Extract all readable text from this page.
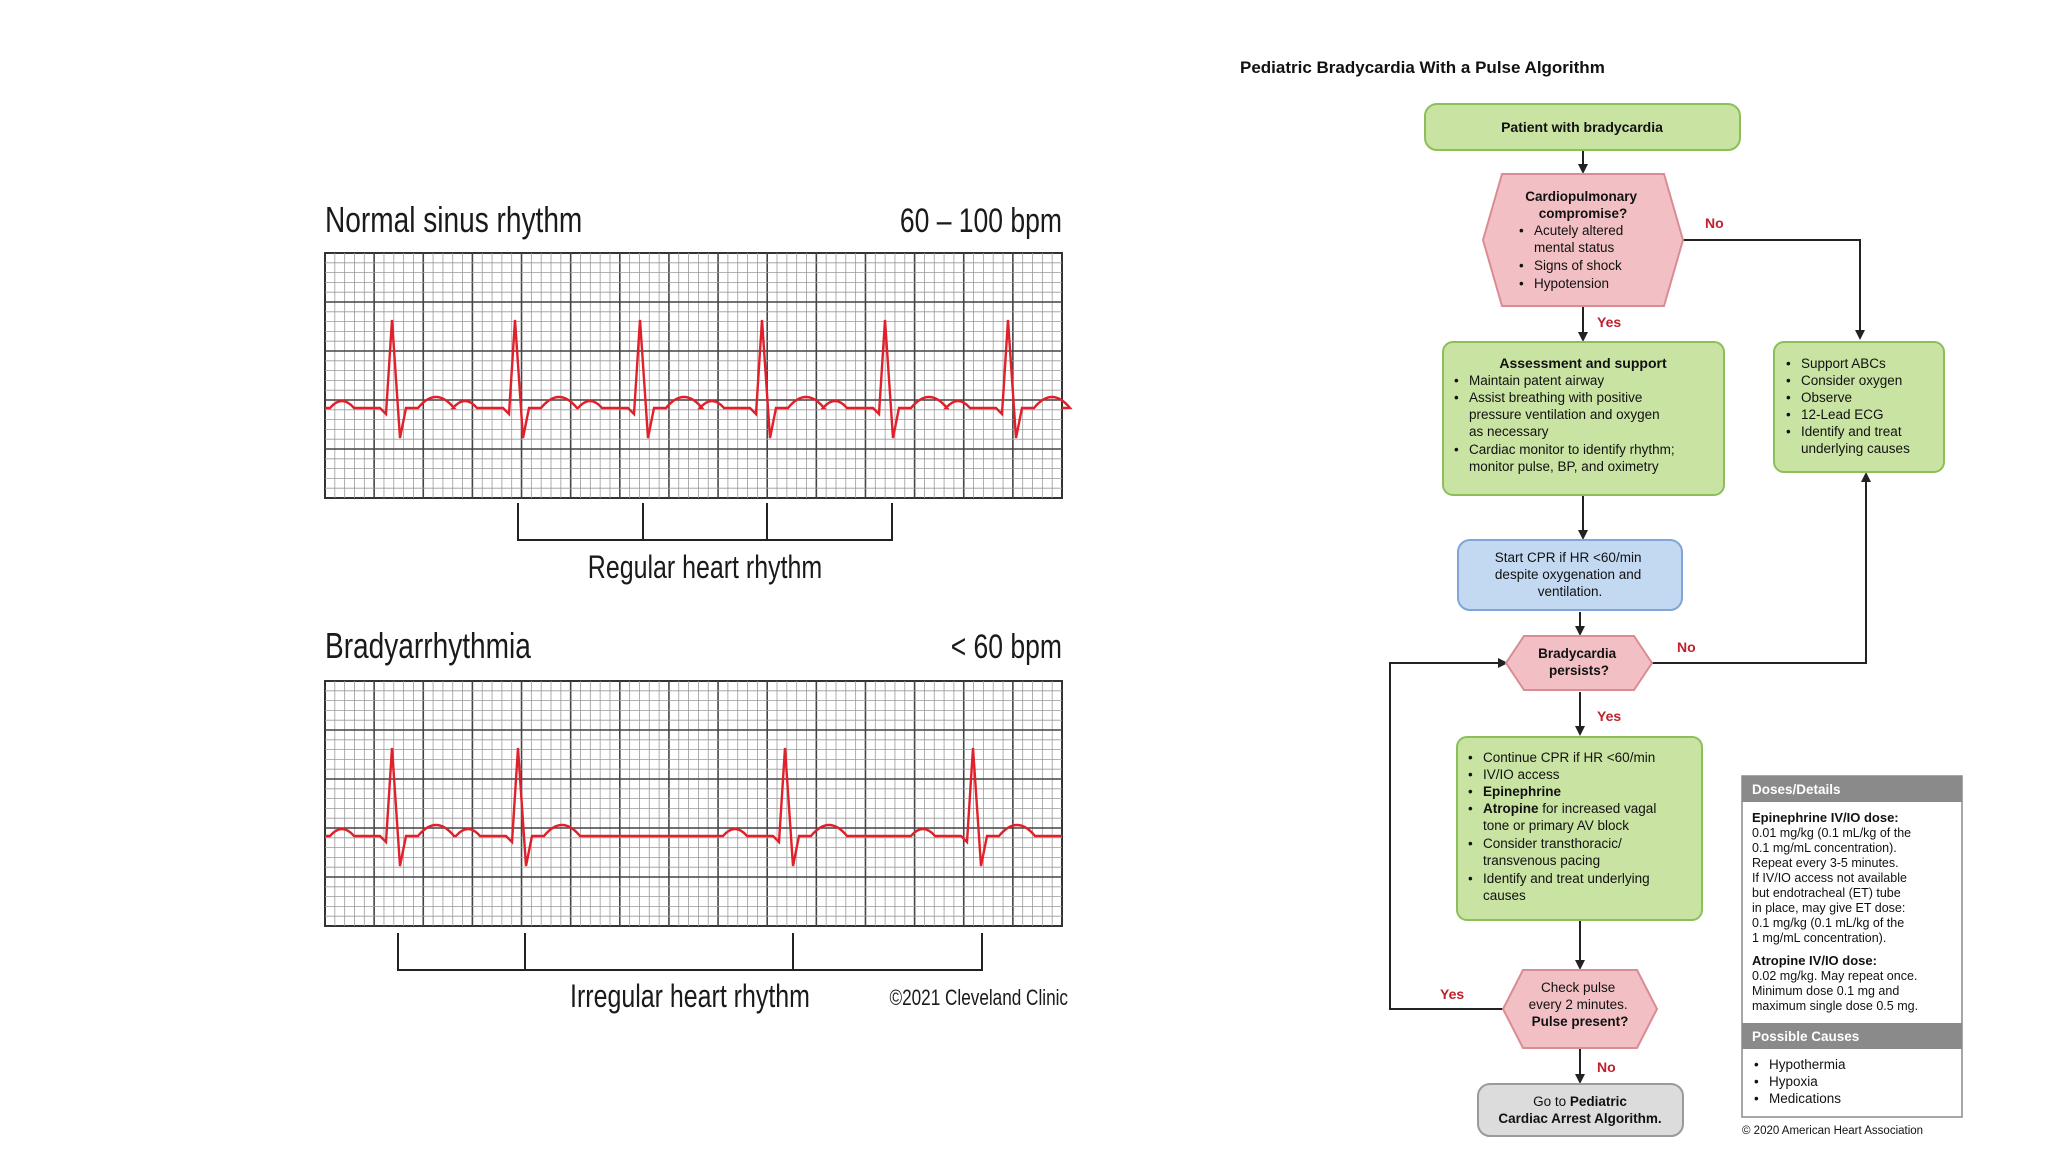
Normal sinus rhythm	60 – 100 bpm
Regular heart rhythm
Bradyarrhythmia	< 60 bpm
Irregular heart rhythm	©2021 Cleveland Clinic
Pediatric Bradycardia With a Pulse Algorithm
Patient with bradycardia
Cardiopulmonary compromise?
• Acutely altered
mental status
• Signs of shock
• Hypotension
No
Yes
Assessment and support
• Maintain patent airway
• Assist breathing with positive
pressure ventilation and oxygen
as necessary
• Cardiac monitor to identify rhythm;
monitor pulse, BP, and oximetry
• Support ABCs
• Consider oxygen
• Observe
• 12-Lead ECG
• Identify and treat
underlying causes
Start CPR if HR <60/min despite oxygenation and ventilation.
Bradycardia persists?
No
Yes
• Continue CPR if HR <60/min
• IV/IO access
• Epinephrine
• Atropine for increased vagal
tone or primary AV block
• Consider transthoracic/
transvenous pacing
• Identify and treat underlying
causes
Check pulse every 2 minutes. Pulse present?
Yes
No
Go to Pediatric
Cardiac Arrest Algorithm.
Doses/Details
Epinephrine IV/IO dose:
0.01 mg/kg (0.1 mL/kg of the
0.1 mg/mL concentration).
Repeat every 3-5 minutes.
If IV/IO access not available
but endotracheal (ET) tube
in place, may give ET dose:
0.1 mg/kg (0.1 mL/kg of the
1 mg/mL concentration).
Atropine IV/IO dose:
0.02 mg/kg. May repeat once.
Minimum dose 0.1 mg and
maximum single dose 0.5 mg.
Possible Causes
• Hypothermia
• Hypoxia
• Medications
© 2020 American Heart Association
